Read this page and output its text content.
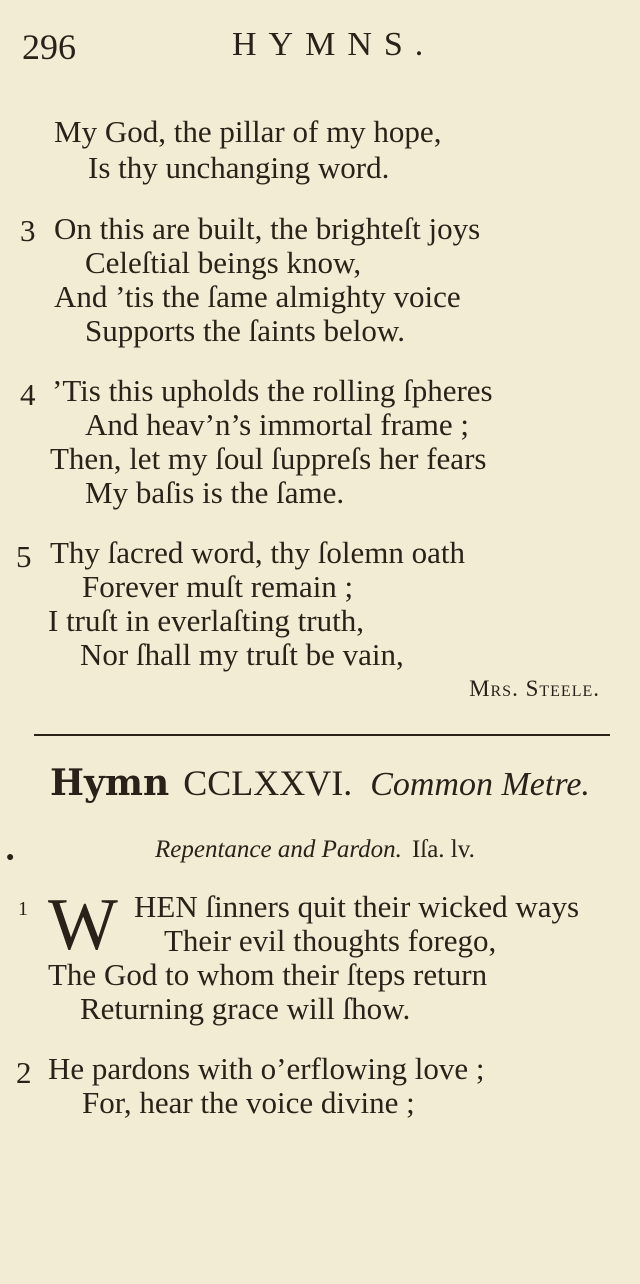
296	HYMNS.
My God, the pillar of my hope,
Is thy unchanging word.
3 On this are built, the brighteſt joys
Celeſtial beings know,
And ’tis the ſame almighty voice
Supports the ſaints below.
4 ’Tis this upholds the rolling ſpheres
And heav’n’s immortal frame ;
Then, let my ſoul ſuppreſs her fears
My baſis is the ſame.
5 Thy ſacred word, thy ſolemn oath
Forever muſt remain ;
I truſt in everlaſting truth,
Nor ſhall my truſt be vain,
Mrs. Steele.
Hymn CCLXXVI. Common Metre.
Repentance and Pardon. Iſa. lv.
●
1 W HEN ſinners quit their wicked ways
Their evil thoughts forego,
The God to whom their ſteps return
Returning grace will ſhow.
2 He pardons with o’erflowing love ;
For, hear the voice divine ;
